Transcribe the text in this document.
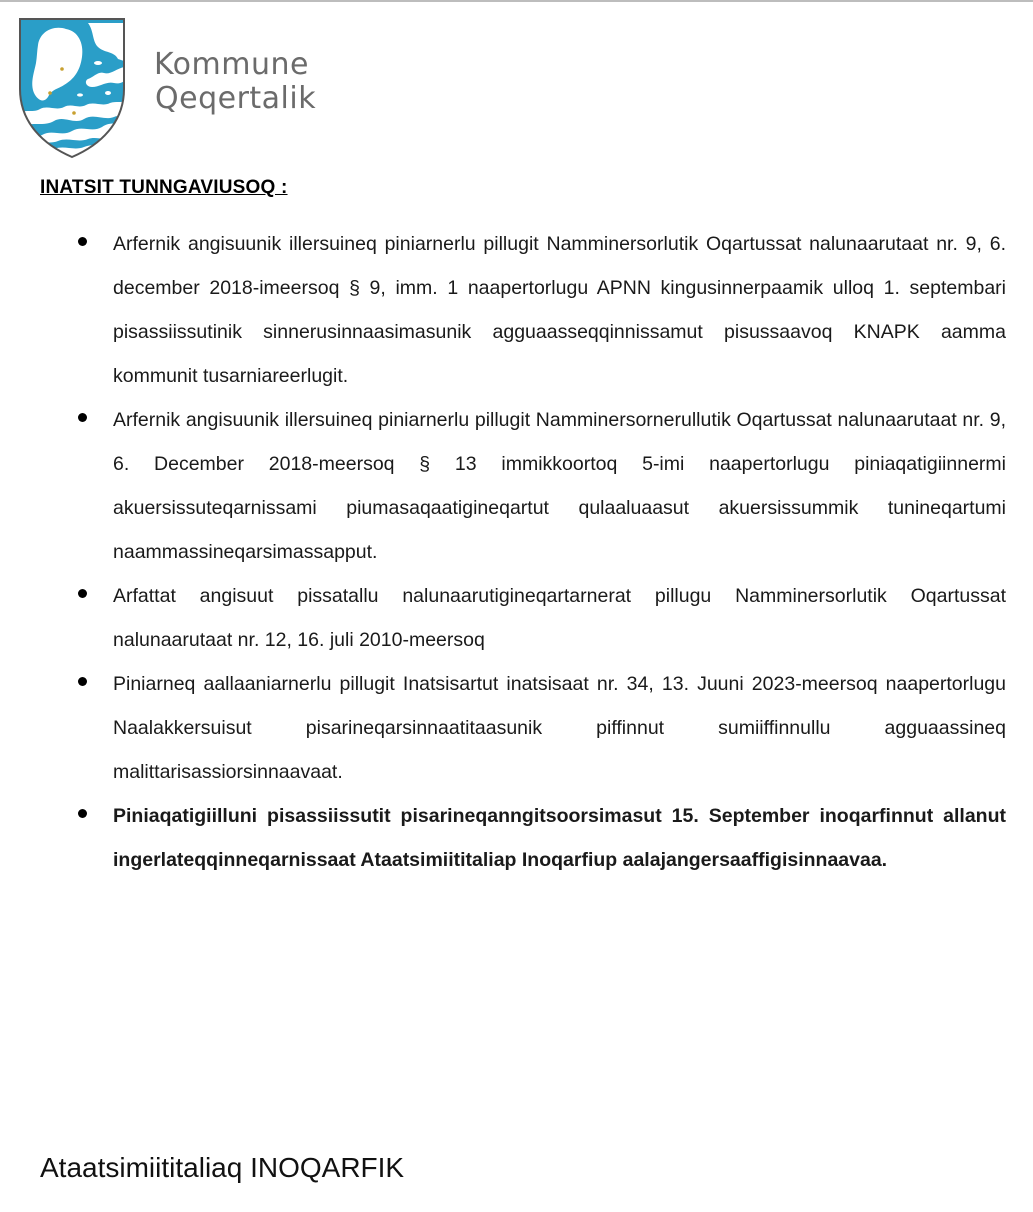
Kommune
Qeqertalik
INATSIT TUNNGAVIUSOQ :
Arfernik angisuunik illersuineq piniarnerlu pillugit Namminersorlutik Oqartussat nalunaarutaat nr. 9, 6. december 2018-imeersoq § 9, imm. 1 naapertorlugu APNN kingusinnerpaamik ulloq 1. septembari pisassiissutinik sinnerusinnaasimasunik agguaasseqqinnissamut pisussaavoq KNAPK aamma kommunit tusarniareerlugit.
Arfernik angisuunik illersuineq piniarnerlu pillugit Namminersornerullutik Oqartussat nalunaarutaat nr. 9, 6. December 2018-meersoq § 13 immikkoortoq 5-imi naapertorlugu piniaqatigiinnermi akuersissuteqarnissami piumasaqaatigineqartut qulaaluaasut akuersissummik tunineqartumi naammassineqarsimassapput.
Arfattat angisuut pissatallu nalunaarutigineqartarnerat pillugu Namminersorlutik Oqartussat nalunaarutaat nr. 12, 16. juli 2010-meersoq
Piniarneq aallaaniarnerlu pillugit Inatsisartut inatsisaat nr. 34, 13. Juuni 2023-meersoq naapertorlugu Naalakkersuisut pisarineqarsinnaatitaasunik piffinnut sumiiffinnullu agguaassineq malittarisassiorsinnaavaat.
Piniaqatigiilluni pisassiissutit pisarineqanngitsoorsimasut 15. September inoqarfinnut allanut ingerlateqqinneqarnissaat Ataatsimiititaliap Inoqarfiup aalajangersaaffigisinnaavaa.

Ataatsimiititaliaq INOQARFIK
